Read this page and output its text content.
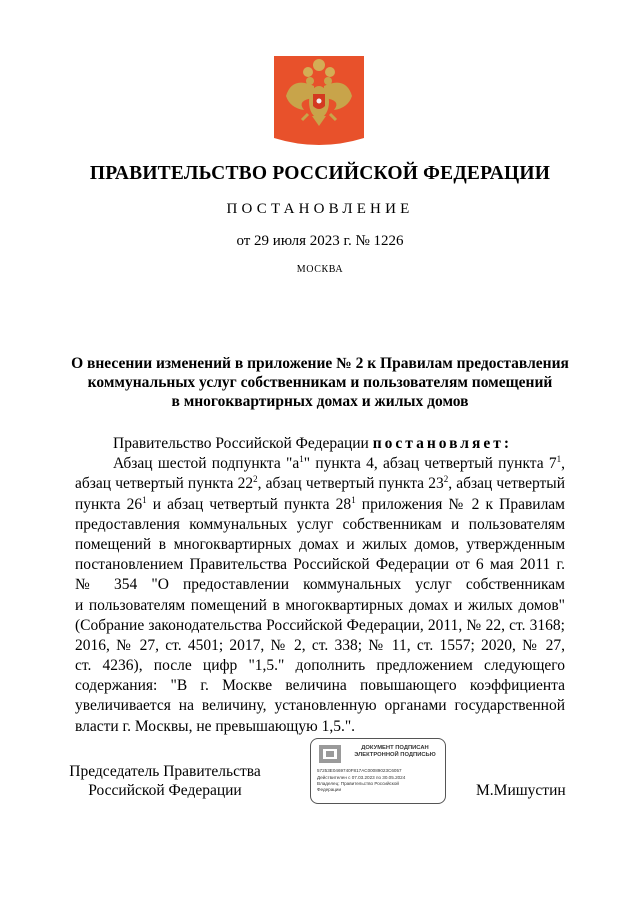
ПРАВИТЕЛЬСТВО РОССИЙСКОЙ ФЕДЕРАЦИИ
ПОСТАНОВЛЕНИЕ
от 29 июля 2023 г. № 1226
МОСКВА
О внесении изменений в приложение № 2 к Правилам предоставления
коммунальных услуг собственникам и пользователям помещений
в многоквартирных домах и жилых домов
Правительство Российской Федерации постановляет:
Абзац шестой подпункта "$а^1$" пункта 4, абзац четвертый пункта $7^1$,
абзац четвертый пункта $22^2$, абзац четвертый пункта $23^2$, абзац четвертый
пункта $26^1$ и абзац четвертый пункта $28^1$ приложения № 2 к Правилам
предоставления коммунальных услуг собственникам и пользователям
помещений в многоквартирных домах и жилых домов, утвержденным
постановлением Правительства Российской Федерации от 6 мая 2011 г.
№ 354 "О предоставлении коммунальных услуг собственникам
и пользователям помещений в многоквартирных домах и жилых домов"
(Собрание законодательства Российской Федерации, 2011, № 22, ст. 3168;
2016, № 27, ст. 4501; 2017, № 2, ст. 338; № 11, ст. 1557; 2020, № 27,
ст. 4236), после цифр "1,5." дополнить предложением следующего
содержания: "В г. Москве величина повышающего коэффициента
увеличивается на величину, установленную органами государственной
власти г. Москвы, не превышающую 1,5.".
Председатель Правительства
Российской Федерации
ДОКУМЕНТ ПОДПИСАН
ЭЛЕКТРОННОЙ ПОДПИСЬЮ
57253E0469740F817AC00089023C6057
Действителен с 07.03.2023 по 30.05.2024
Владелец: Правительство Российской
Федерации	М.Мишустин
